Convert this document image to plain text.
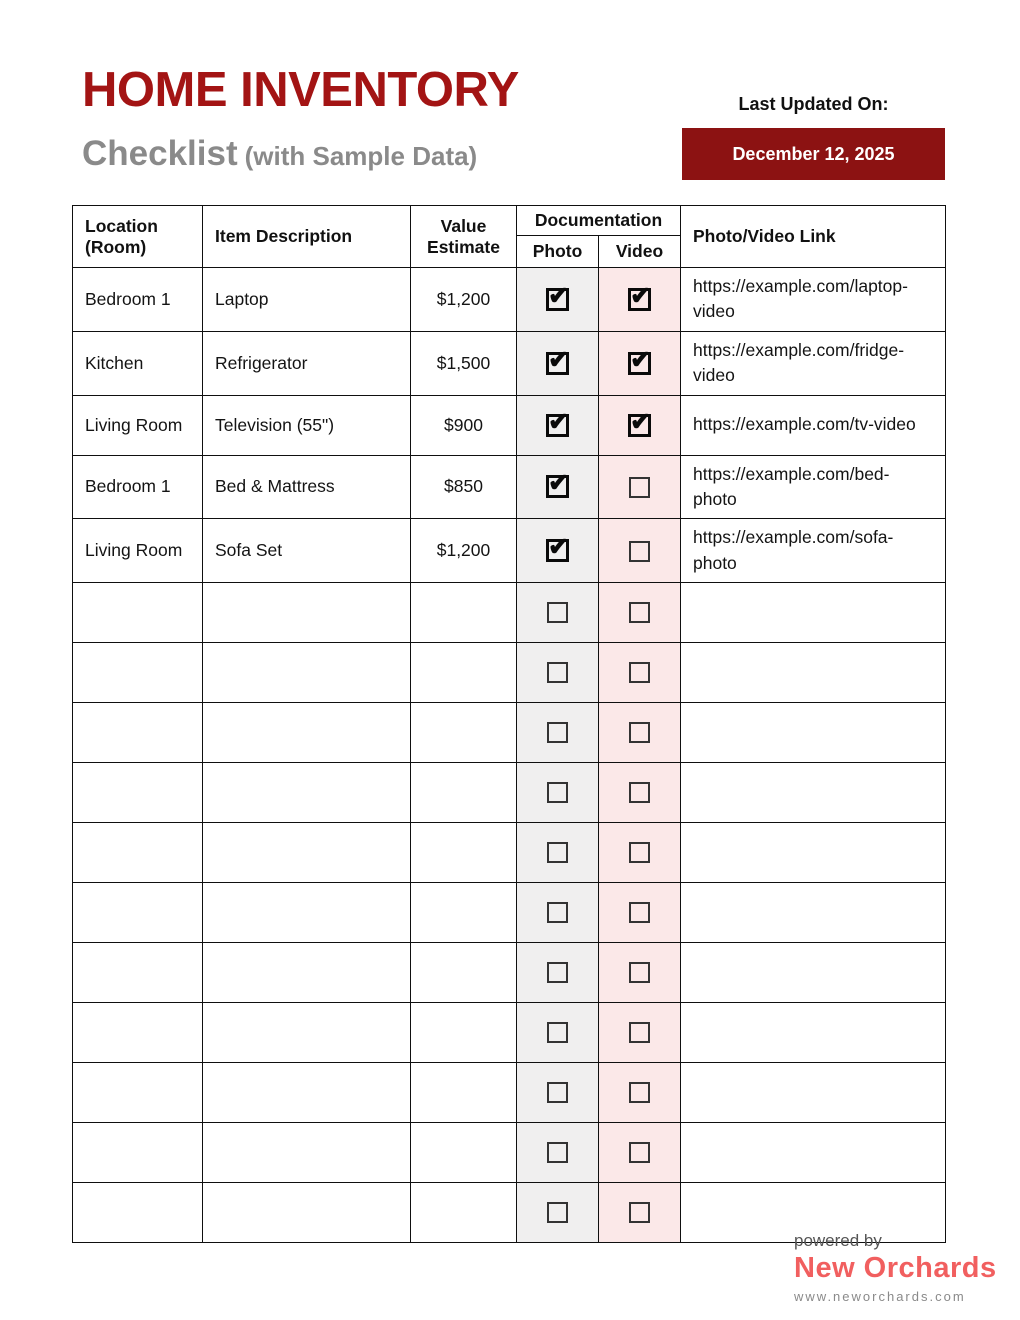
HOME INVENTORY
Checklist (with Sample Data)
Last Updated On:
December 12, 2025
Location (Room)	Item Description	Value Estimate	Documentation		Photo/Video Link
			Photo	Video	
Bedroom 1	Laptop	$1,200	✔	✔	https://example.com/laptop-video
Kitchen	Refrigerator	$1,500	✔	✔	https://example.com/fridge-video
Living Room	Television (55")	$900	✔	✔	https://example.com/tv-video
Bedroom 1	Bed & Mattress	$850	✔		https://example.com/bed-photo
Living Room	Sofa Set	$1,200	✔		https://example.com/sofa-photo

powered by
New Orchards
www.neworchards.com
